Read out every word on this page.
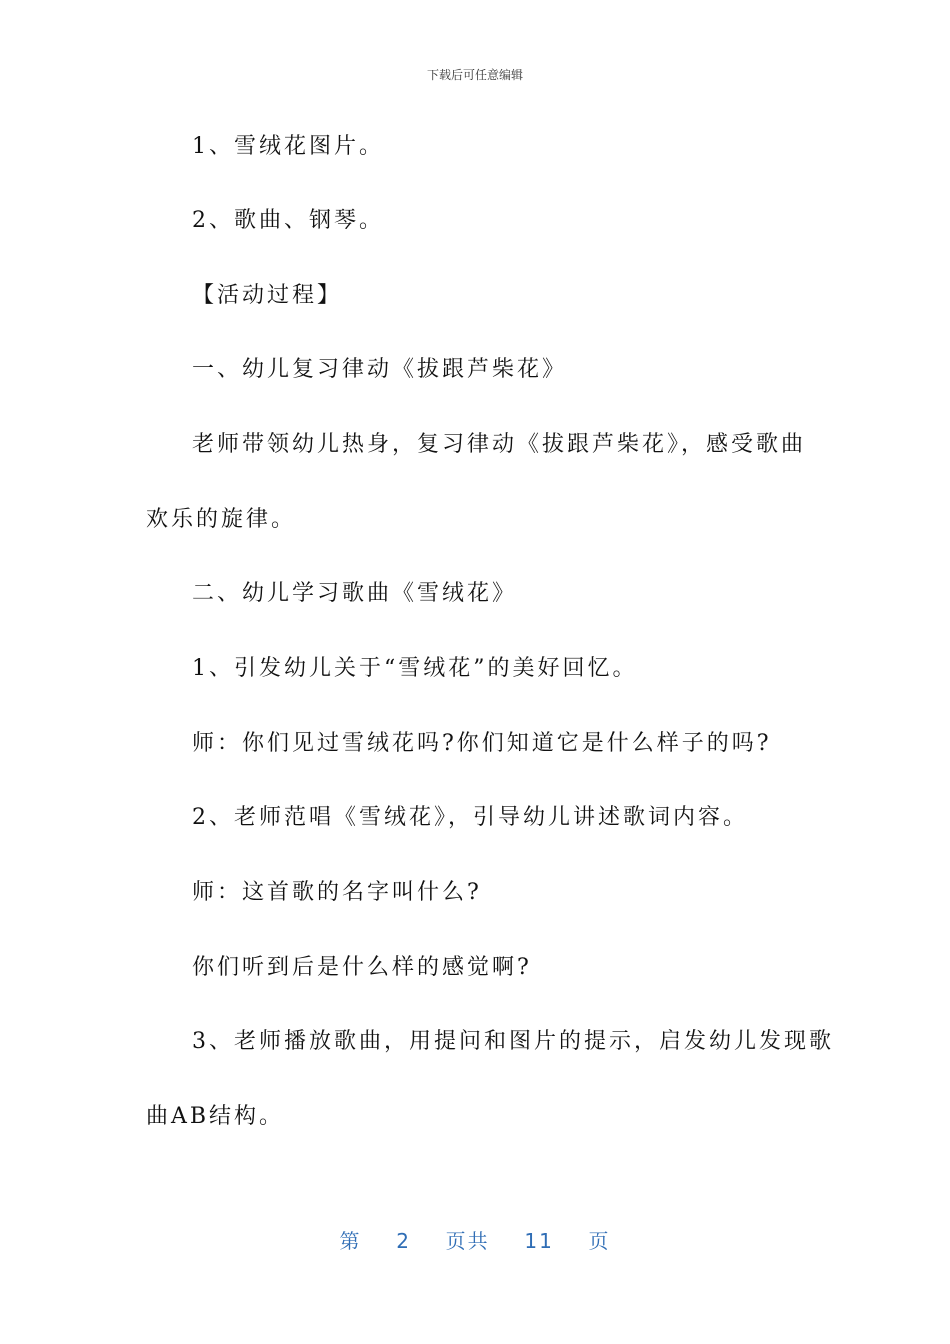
下载后可任意编辑
1、雪绒花图片。
2、歌曲、钢琴。
【活动过程】
一、幼儿复习律动《拔跟芦柴花》
老师带领幼儿热身，复习律动《拔跟芦柴花》，感受歌曲
欢乐的旋律。
二、幼儿学习歌曲《雪绒花》
1、引发幼儿关于“雪绒花”的美好回忆。
师：你们见过雪绒花吗?你们知道它是什么样子的吗?
2、老师范唱《雪绒花》，引导幼儿讲述歌词内容。
师：这首歌的名字叫什么?
你们听到后是什么样的感觉啊?
3、老师播放歌曲，用提问和图片的提示，启发幼儿发现歌
曲AB结构。
第 2 页共 11 页
